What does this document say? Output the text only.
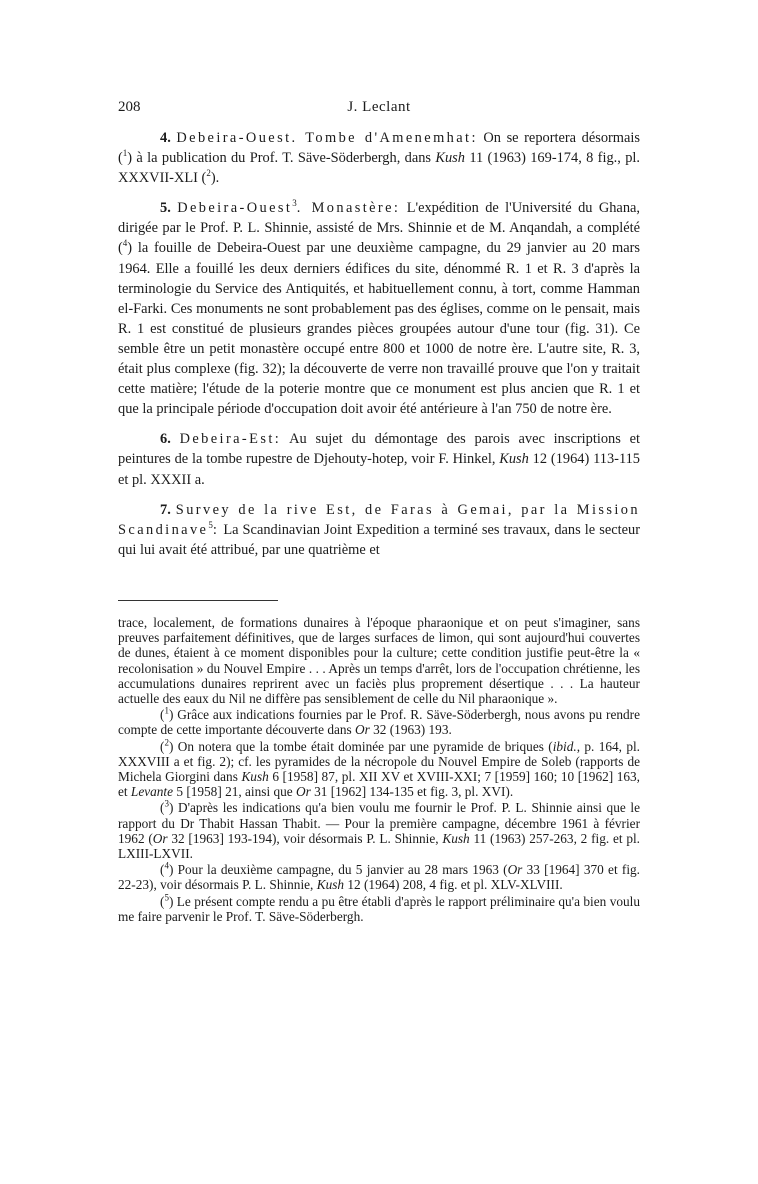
208	J. Leclant

4. Debeira-Ouest. Tombe d'Amenemhat: On se reportera désormais ($^1$) à la publication du Prof. T. Säve-Söderbergh, dans Kush 11 (1963) 169-174, 8 fig., pl. XXXVII-XLI ($^2$).

5. Debeira-Ouest$^3$. Monastère: L'expédition de l'Université du Ghana, dirigée par le Prof. P. L. Shinnie, assisté de Mrs. Shinnie et de M. Anqandah, a complété ($^4$) la fouille de Debeira-Ouest par une deuxième campagne, du 29 janvier au 20 mars 1964. Elle a fouillé les deux derniers édifices du site, dénommé R. 1 et R. 3 d'après la terminologie du Service des Antiquités, et habituellement connu, à tort, comme Hamman el-Farki. Ces monuments ne sont probablement pas des églises, comme on le pensait, mais R. 1 est constitué de plusieurs grandes pièces groupées autour d'une tour (fig. 31). Ce semble être un petit monastère occupé entre 800 et 1000 de notre ère. L'autre site, R. 3, était plus complexe (fig. 32); la découverte de verre non travaillé prouve que l'on y traitait cette matière; l'étude de la poterie montre que ce monument est plus ancien que R. 1 et que la principale période d'occupation doit avoir été antérieure à l'an 750 de notre ère.

6. Debeira-Est: Au sujet du démontage des parois avec inscriptions et peintures de la tombe rupestre de Djehouty-hotep, voir F. Hinkel, Kush 12 (1964) 113-115 et pl. XXXII a.

7. Survey de la rive Est, de Faras à Gemai, par la Mission Scandinave$^5$: La Scandinavian Joint Expedition a terminé ses travaux, dans le secteur qui lui avait été attribué, par une quatrième et

trace, localement, de formations dunaires à l'époque pharaonique et on peut s'imaginer, sans preuves parfaitement définitives, que de larges surfaces de limon, qui sont aujourd'hui couvertes de dunes, étaient à ce moment disponibles pour la culture; cette condition justifie peut-être la « recolonisation » du Nouvel Empire . . . Après un temps d'arrêt, lors de l'occupation chrétienne, les accumulations dunaires reprirent avec un faciès plus proprement désertique . . . La hauteur actuelle des eaux du Nil ne diffère pas sensiblement de celle du Nil pharaonique ».

($^1$) Grâce aux indications fournies par le Prof. R. Säve-Söderbergh, nous avons pu rendre compte de cette importante découverte dans Or 32 (1963) 193.

($^2$) On notera que la tombe était dominée par une pyramide de briques (ibid., p. 164, pl. XXXVIII a et fig. 2); cf. les pyramides de la nécropole du Nouvel Empire de Soleb (rapports de Michela Giorgini dans Kush 6 [1958] 87, pl. XII XV et XVIII-XXI; 7 [1959] 160; 10 [1962] 163, et Levante 5 [1958] 21, ainsi que Or 31 [1962] 134-135 et fig. 3, pl. XVI).

($^3$) D'après les indications qu'a bien voulu me fournir le Prof. P. L. Shinnie ainsi que le rapport du Dr Thabit Hassan Thabit. — Pour la première campagne, décembre 1961 à février 1962 (Or 32 [1963] 193-194), voir désormais P. L. Shinnie, Kush 11 (1963) 257-263, 2 fig. et pl. LXIII-LXVII.

($^4$) Pour la deuxième campagne, du 5 janvier au 28 mars 1963 (Or 33 [1964] 370 et fig. 22-23), voir désormais P. L. Shinnie, Kush 12 (1964) 208, 4 fig. et pl. XLV-XLVIII.

($^5$) Le présent compte rendu a pu être établi d'après le rapport préliminaire qu'a bien voulu me faire parvenir le Prof. T. Säve-Söderbergh.
